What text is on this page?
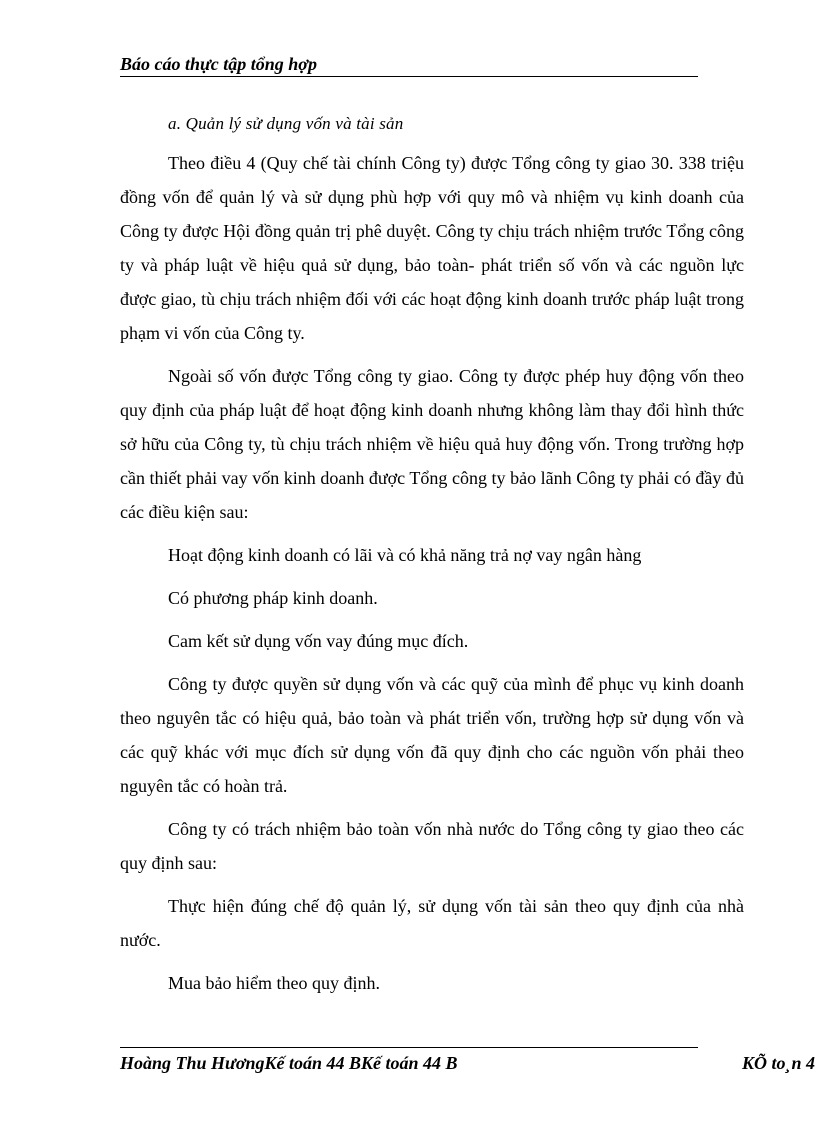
Báo cáo thực tập tổng hợp
a. Quản lý sử dụng vốn và tài sản

Theo điều 4 (Quy chế tài chính Công ty) được Tổng công ty giao 30. 338 triệu đồng vốn để quản lý và sử dụng phù hợp với quy mô và nhiệm vụ kinh doanh của Công ty được Hội đồng quản trị phê duyệt. Công ty chịu trách nhiệm trước Tổng công ty và pháp luật về hiệu quả sử dụng, bảo toàn- phát triển số vốn và các nguồn lực được giao, tù chịu trách nhiệm đối với các hoạt động kinh doanh trước pháp luật trong phạm vi vốn của Công ty.

Ngoài số vốn được Tổng công ty giao. Công ty được phép huy động vốn theo quy định của pháp luật để hoạt động kinh doanh nhưng không làm thay đổi hình thức sở hữu của Công ty, tù chịu trách nhiệm về hiệu quả huy động vốn. Trong trường hợp cần thiết phải vay vốn kinh doanh được Tổng công ty bảo lãnh Công ty phải có đầy đủ các điều kiện sau:

Hoạt động kinh doanh có lãi và có khả năng trả nợ vay ngân hàng

Có phương pháp kinh doanh.

Cam kết sử dụng vốn vay đúng mục đích.

Công ty được quyền sử dụng vốn và các quỹ của mình để phục vụ kinh doanh theo nguyên tắc có hiệu quả, bảo toàn và phát triển vốn, trường hợp sử dụng vốn và các quỹ khác với mục đích sử dụng vốn đã quy định cho các nguồn vốn phải theo nguyên tắc có hoàn trả.

Công ty có trách nhiệm bảo toàn vốn nhà nước do Tổng công ty giao theo các quy định sau:

Thực hiện đúng chế độ quản lý, sử dụng vốn tài sản theo quy định của nhà nước.

Mua bảo hiểm theo quy định.

Hoàng Thu HươngKế toán 44 BKế toán 44 B	KÕ to¸n 4
